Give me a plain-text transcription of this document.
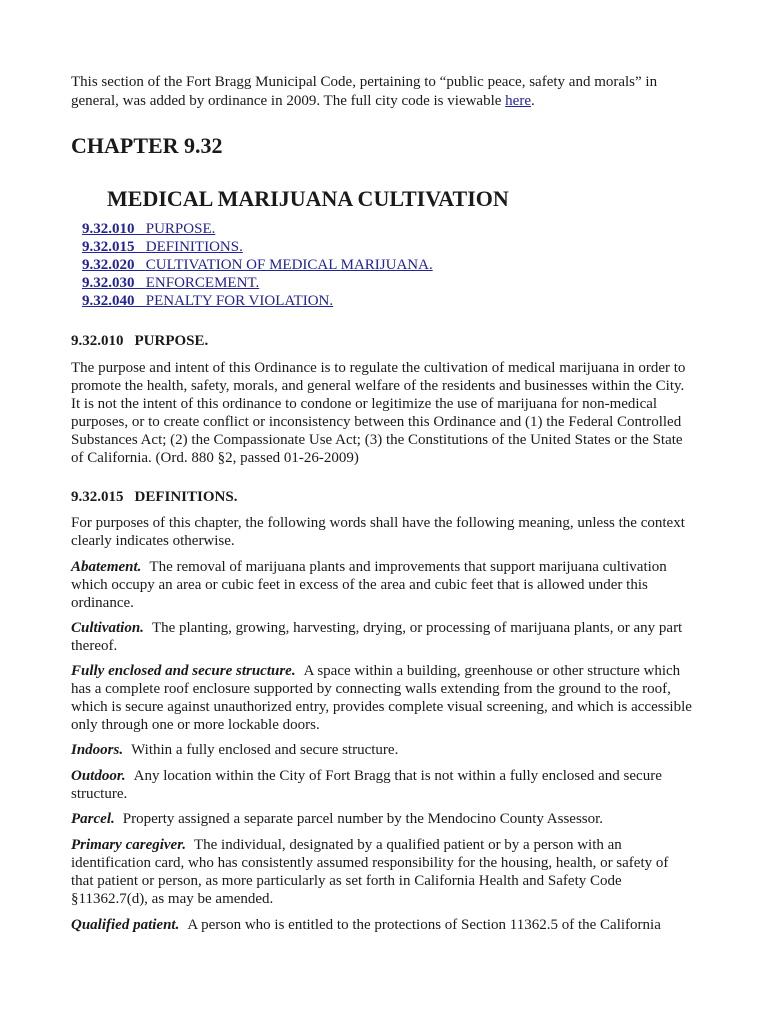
This section of the Fort Bragg Municipal Code, pertaining to “public peace, safety and morals” in
general, was added by ordinance in 2009. The full city code is viewable here.
CHAPTER 9.32
MEDICAL MARIJUANA CULTIVATION
9.32.010 PURPOSE.
9.32.015 DEFINITIONS.
9.32.020 CULTIVATION OF MEDICAL MARIJUANA.
9.32.030 ENFORCEMENT.
9.32.040 PENALTY FOR VIOLATION.
9.32.010 PURPOSE.
The purpose and intent of this Ordinance is to regulate the cultivation of medical marijuana in order to
promote the health, safety, morals, and general welfare of the residents and businesses within the City.
It is not the intent of this ordinance to condone or legitimize the use of marijuana for non-medical
purposes, or to create conflict or inconsistency between this Ordinance and (1) the Federal Controlled
Substances Act; (2) the Compassionate Use Act; (3) the Constitutions of the United States or the State
of California. (Ord. 880 §2, passed 01-26-2009)
9.32.015 DEFINITIONS.
For purposes of this chapter, the following words shall have the following meaning, unless the context
clearly indicates otherwise.
Abatement. The removal of marijuana plants and improvements that support marijuana cultivation
which occupy an area or cubic feet in excess of the area and cubic feet that is allowed under this
ordinance.
Cultivation. The planting, growing, harvesting, drying, or processing of marijuana plants, or any part
thereof.
Fully enclosed and secure structure. A space within a building, greenhouse or other structure which
has a complete roof enclosure supported by connecting walls extending from the ground to the roof,
which is secure against unauthorized entry, provides complete visual screening, and which is accessible
only through one or more lockable doors.
Indoors. Within a fully enclosed and secure structure.
Outdoor. Any location within the City of Fort Bragg that is not within a fully enclosed and secure
structure.
Parcel. Property assigned a separate parcel number by the Mendocino County Assessor.
Primary caregiver. The individual, designated by a qualified patient or by a person with an
identification card, who has consistently assumed responsibility for the housing, health, or safety of
that patient or person, as more particularly as set forth in California Health and Safety Code
§11362.7(d), as may be amended.
Qualified patient. A person who is entitled to the protections of Section 11362.5 of the California
